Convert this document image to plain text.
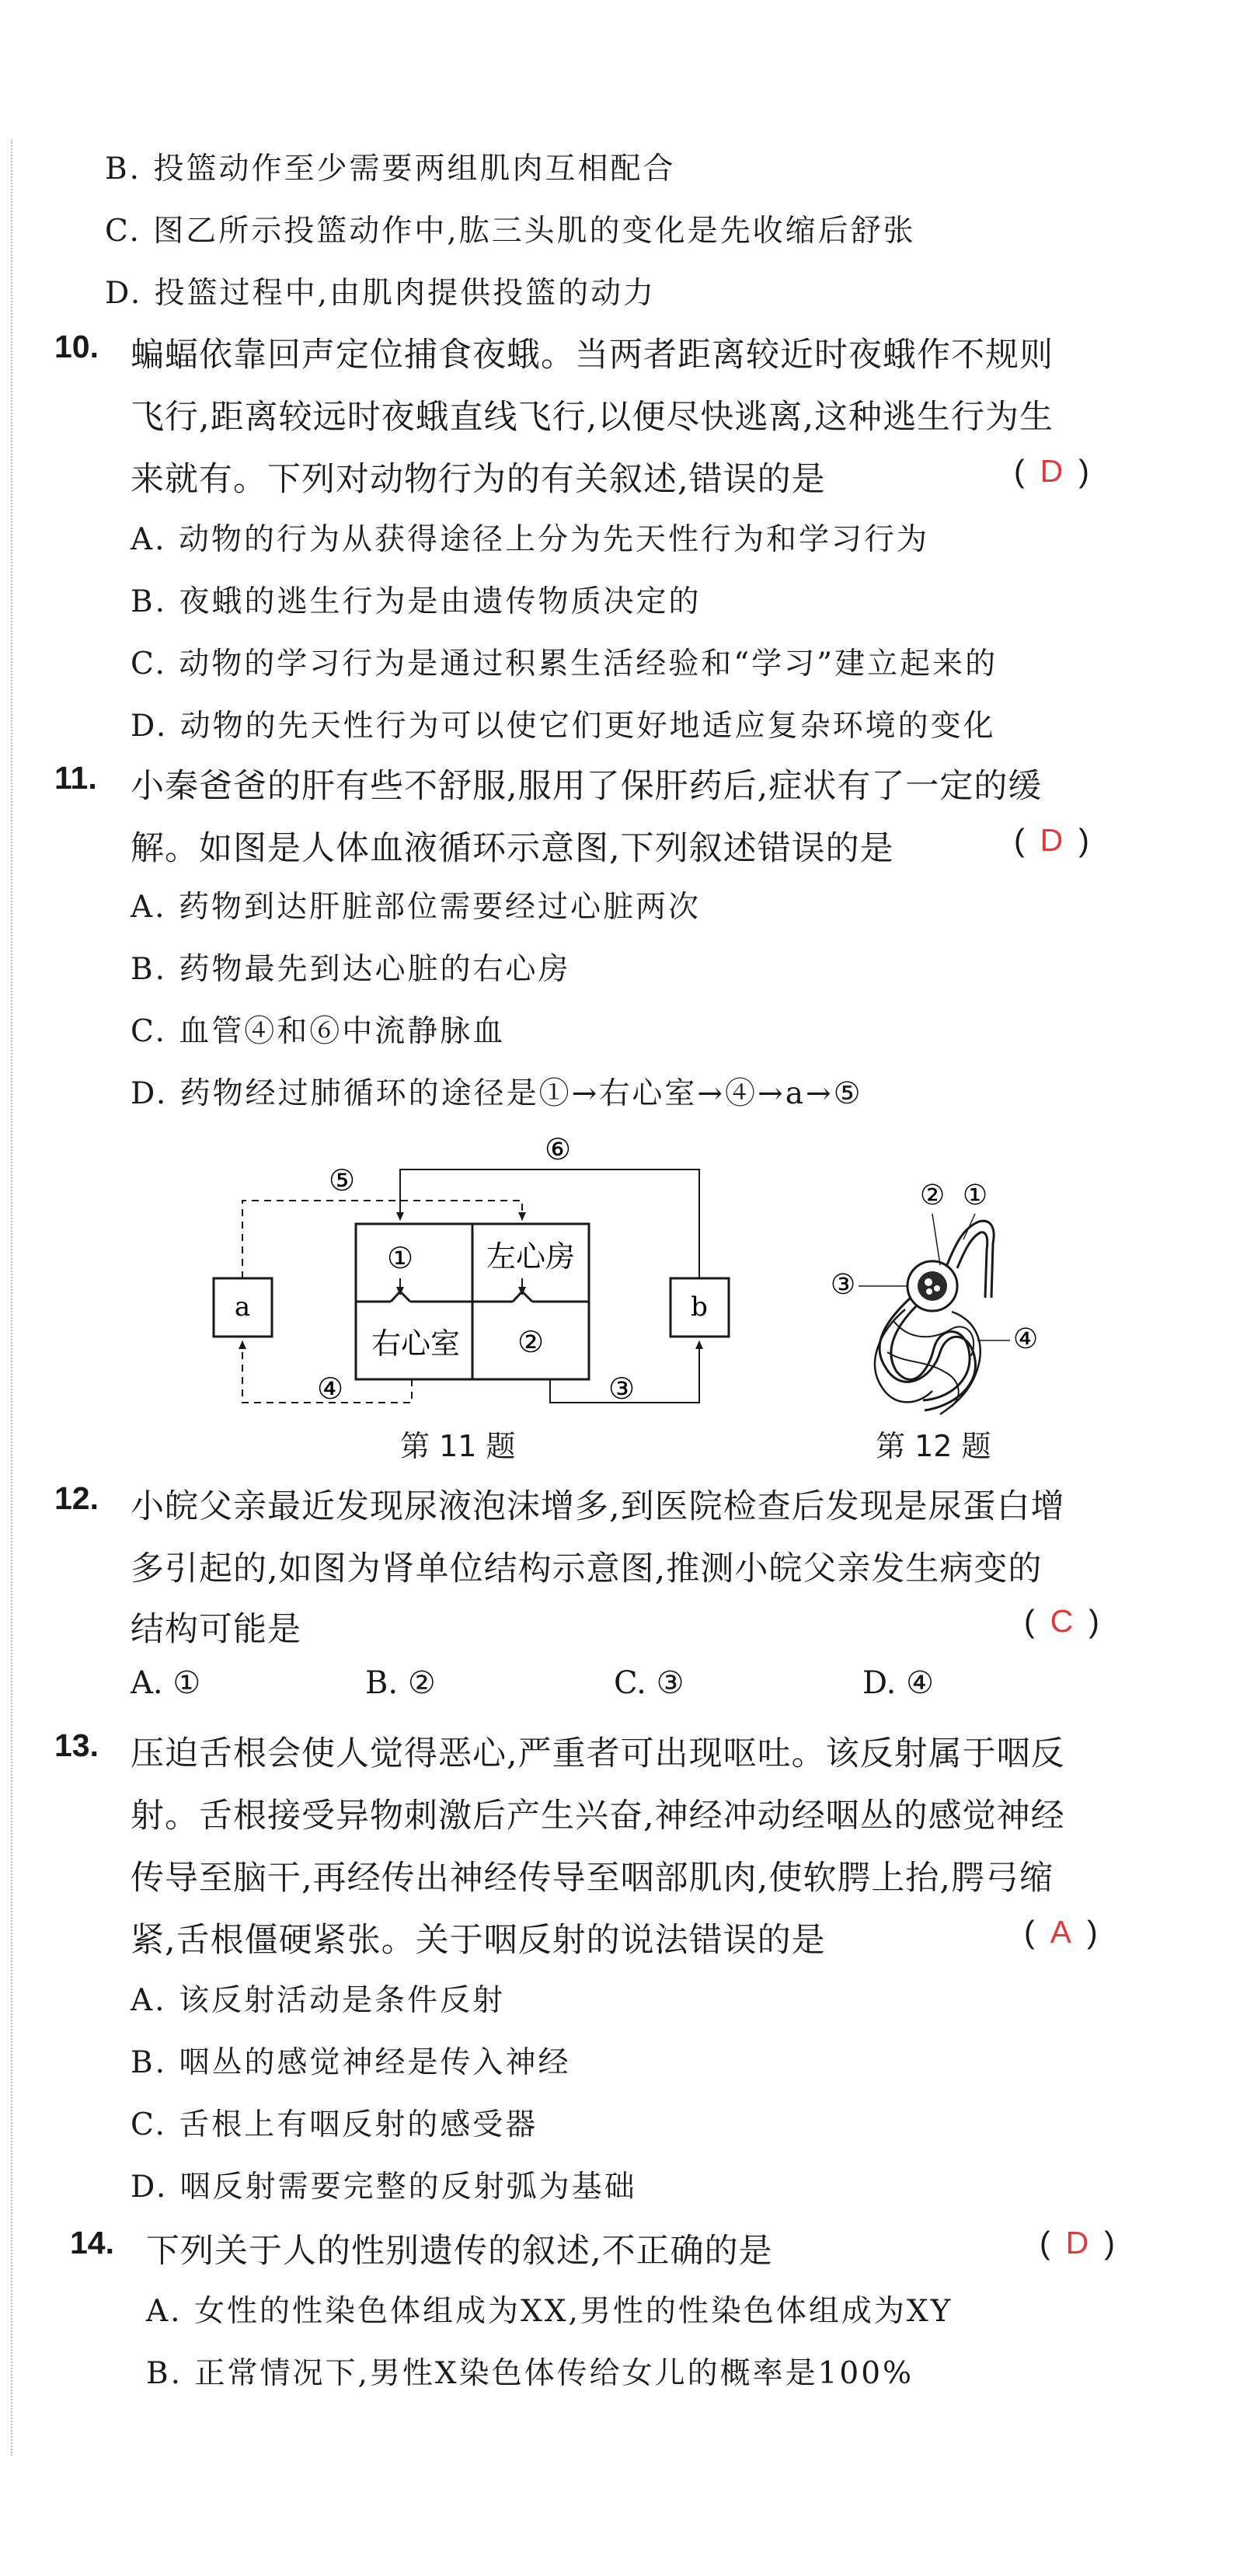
B. 投篮动作至少需要两组肌肉互相配合
C. 图乙所示投篮动作中,肱三头肌的变化是先收缩后舒张
D. 投篮过程中,由肌肉提供投篮的动力
10. 蝙蝠依靠回声定位捕食夜蛾。当两者距离较近时夜蛾作不规则
飞行,距离较远时夜蛾直线飞行,以便尽快逃离,这种逃生行为生
来就有。下列对动物行为的有关叙述,错误的是	( D )
A. 动物的行为从获得途径上分为先天性行为和学习行为
B. 夜蛾的逃生行为是由遗传物质决定的
C. 动物的学习行为是通过积累生活经验和“学习”建立起来的
D. 动物的先天性行为可以使它们更好地适应复杂环境的变化
11. 小秦爸爸的肝有些不舒服,服用了保肝药后,症状有了一定的缓
解。如图是人体血液循环示意图,下列叙述错误的是	( D )
A. 药物到达肝脏部位需要经过心脏两次
B. 药物最先到达心脏的右心房
C. 血管④和⑥中流静脉血
D. 药物经过肺循环的途径是①→右心室→④→a→⑤
① 左心房
右心室 ②
a	b
⑤
⑥
④	③
第 11 题
② ①
③
④
第 12 题
12. 小皖父亲最近发现尿液泡沫增多,到医院检查后发现是尿蛋白增
多引起的,如图为肾单位结构示意图,推测小皖父亲发生病变的
结构可能是	( C )
A. ①	B. ②	C. ③	D. ④
13. 压迫舌根会使人觉得恶心,严重者可出现呕吐。该反射属于咽反
射。舌根接受异物刺激后产生兴奋,神经冲动经咽丛的感觉神经
传导至脑干,再经传出神经传导至咽部肌肉,使软腭上抬,腭弓缩
紧,舌根僵硬紧张。关于咽反射的说法错误的是	( A )
A. 该反射活动是条件反射
B. 咽丛的感觉神经是传入神经
C. 舌根上有咽反射的感受器
D. 咽反射需要完整的反射弧为基础
14. 下列关于人的性别遗传的叙述,不正确的是	( D )
A. 女性的性染色体组成为XX,男性的性染色体组成为XY
B. 正常情况下,男性X染色体传给女儿的概率是100%
